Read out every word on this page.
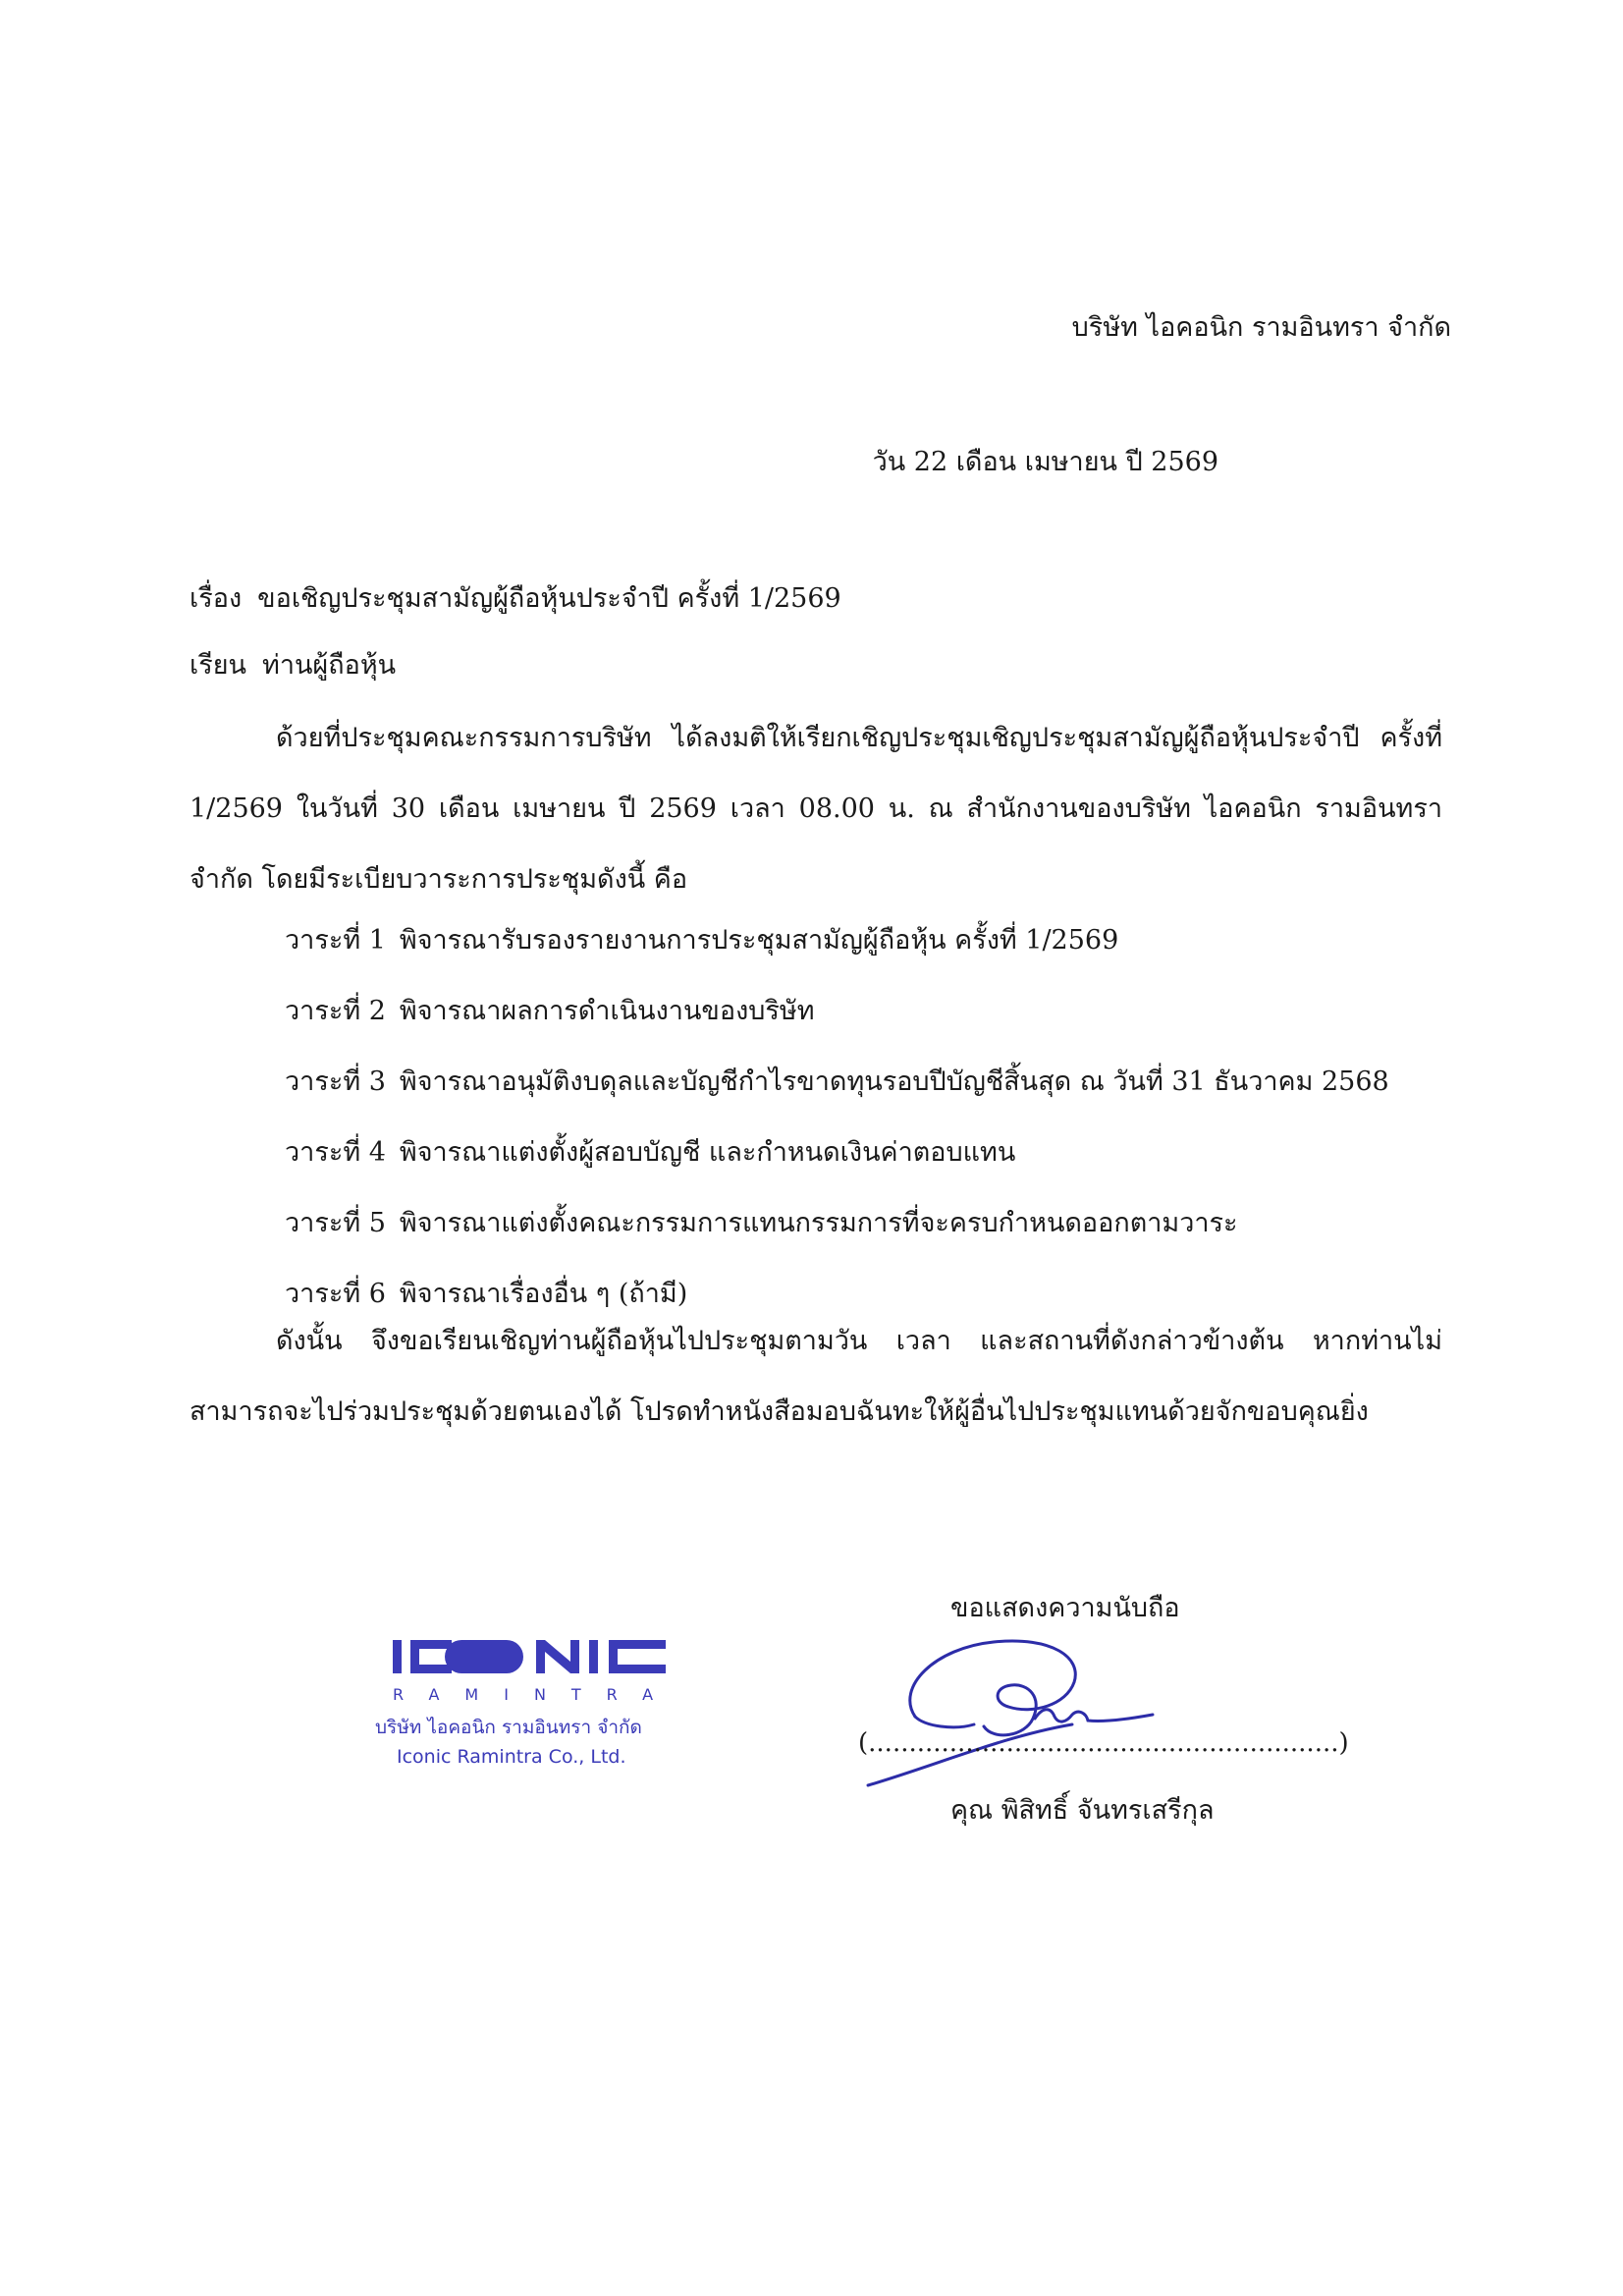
บริษัท ไอคอนิก รามอินทรา จำกัด
วัน 22 เดือน เมษายน ปี 2569
เรื่อง ขอเชิญประชุมสามัญผู้ถือหุ้นประจำปี ครั้งที่ 1/2569
เรียน ท่านผู้ถือหุ้น

ด้วยที่ประชุมคณะกรรมการบริษัท ได้ลงมติให้เรียกเชิญประชุมเชิญประชุมสามัญผู้ถือหุ้นประจำปี ครั้งที่ 1/2569 ในวันที่ 30 เดือน เมษายน ปี 2569 เวลา 08.00 น. ณ สำนักงานของบริษัท ไอคอนิก รามอินทรา จำกัด โดยมีระเบียบวาระการประชุมดังนี้ คือ

วาระที่ 1 พิจารณารับรองรายงานการประชุมสามัญผู้ถือหุ้น ครั้งที่ 1/2569
วาระที่ 2 พิจารณาผลการดำเนินงานของบริษัท
วาระที่ 3 พิจารณาอนุมัติงบดุลและบัญชีกำไรขาดทุนรอบปีบัญชีสิ้นสุด ณ วันที่ 31 ธันวาคม 2568
วาระที่ 4 พิจารณาแต่งตั้งผู้สอบบัญชี และกำหนดเงินค่าตอบแทน
วาระที่ 5 พิจารณาแต่งตั้งคณะกรรมการแทนกรรมการที่จะครบกำหนดออกตามวาระ
วาระที่ 6 พิจารณาเรื่องอื่น ๆ (ถ้ามี)

ดังนั้น จึงขอเรียนเชิญท่านผู้ถือหุ้นไปประชุมตามวัน เวลา และสถานที่ดังกล่าวข้างต้น หากท่านไม่สามารถจะไปร่วมประชุมด้วยตนเองได้ โปรดทำหนังสือมอบฉันทะให้ผู้อื่นไปประชุมแทนด้วยจักขอบคุณยิ่ง

RAMINTRA
บริษัท ไอคอนิก รามอินทรา จำกัด
Iconic Ramintra Co., Ltd.
ขอแสดงความนับถือ
(..........................................................)
คุณ พิสิทธิ์ จันทรเสรีกุล
